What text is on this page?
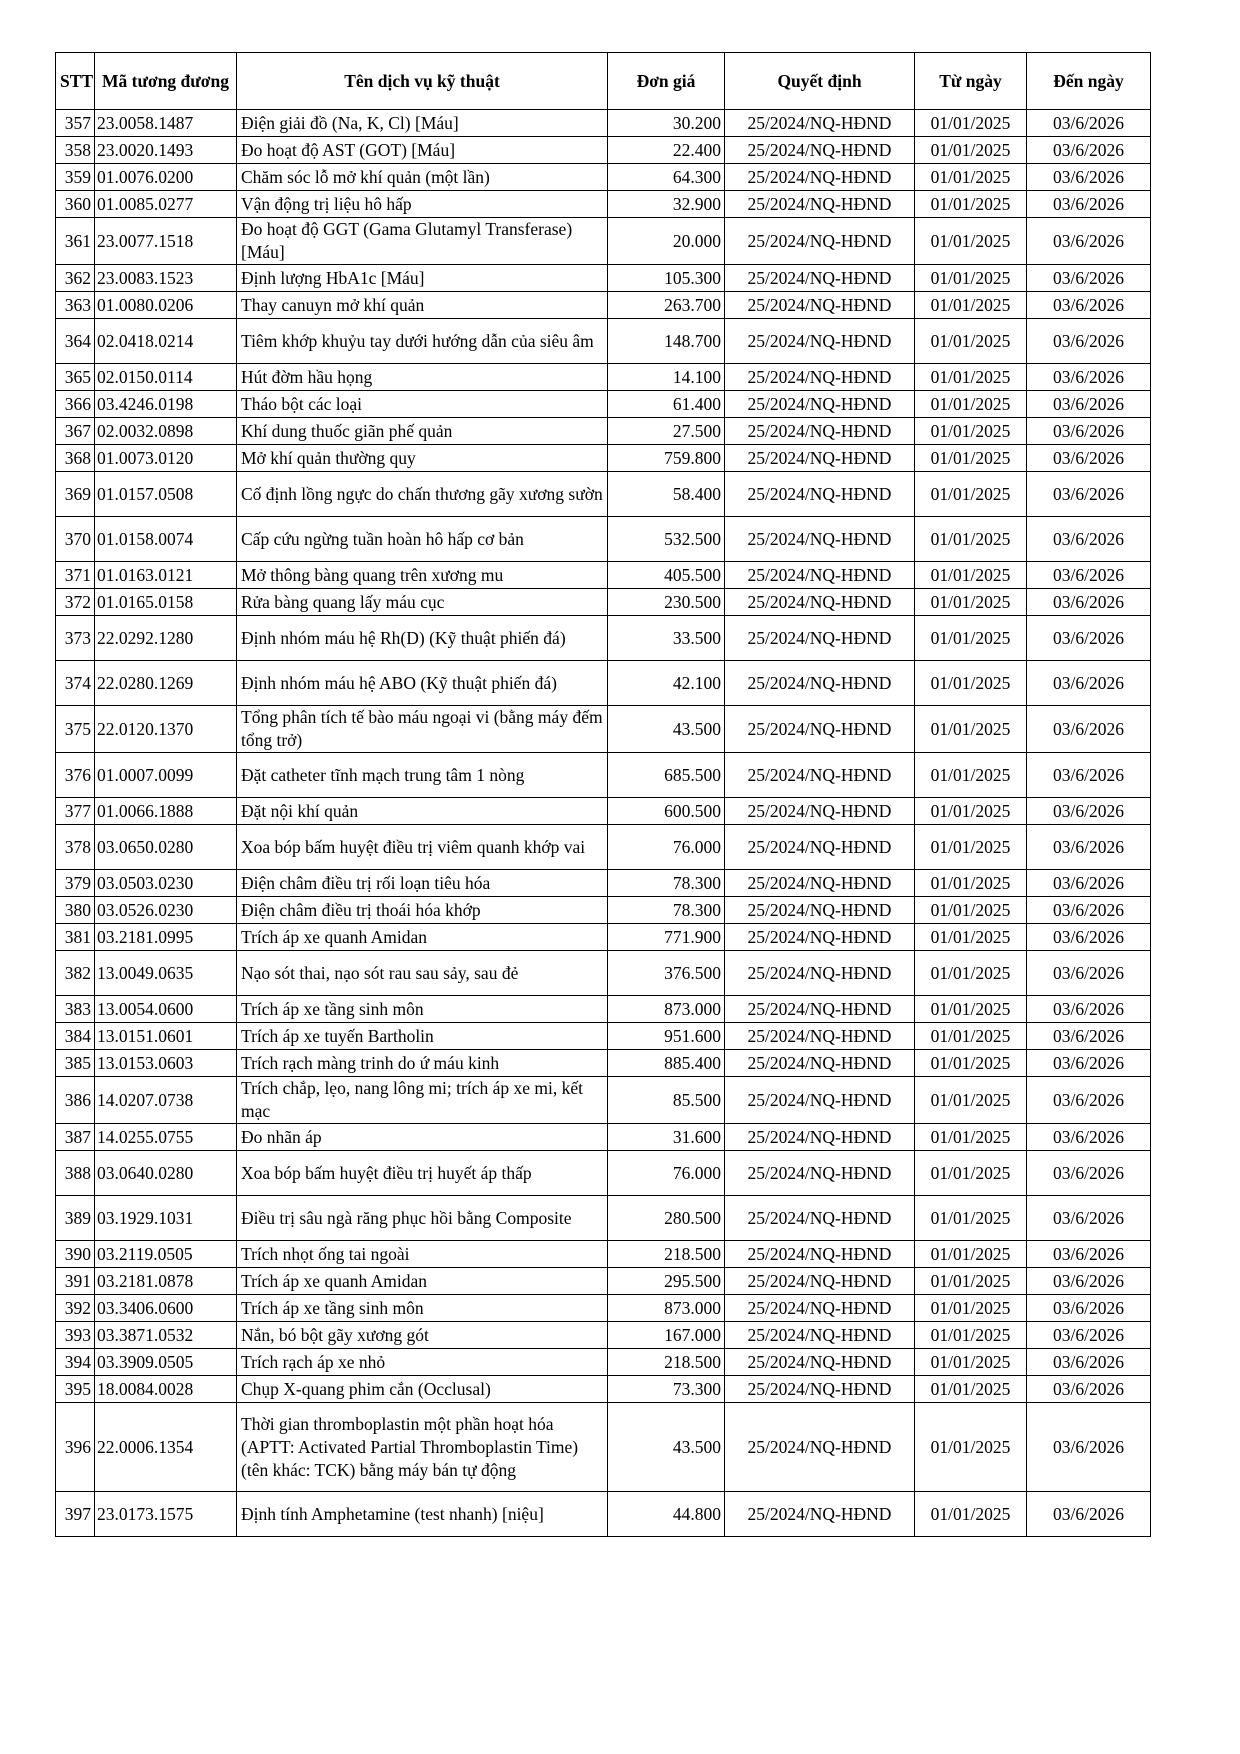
STT	Mã tương đương	Tên dịch vụ kỹ thuật	Đơn giá	Quyết định	Từ ngày	Đến ngày
357	23.0058.1487	Điện giải đồ (Na, K, Cl) [Máu]	30.200	25/2024/NQ-HĐND	01/01/2025	03/6/2026
358	23.0020.1493	Đo hoạt độ AST (GOT) [Máu]	22.400	25/2024/NQ-HĐND	01/01/2025	03/6/2026
359	01.0076.0200	Chăm sóc lỗ mở khí quản (một lần)	64.300	25/2024/NQ-HĐND	01/01/2025	03/6/2026
360	01.0085.0277	Vận động trị liệu hô hấp	32.900	25/2024/NQ-HĐND	01/01/2025	03/6/2026
361	23.0077.1518	Đo hoạt độ GGT (Gama Glutamyl Transferase) [Máu]	20.000	25/2024/NQ-HĐND	01/01/2025	03/6/2026
362	23.0083.1523	Định lượng HbA1c [Máu]	105.300	25/2024/NQ-HĐND	01/01/2025	03/6/2026
363	01.0080.0206	Thay canuyn mở khí quản	263.700	25/2024/NQ-HĐND	01/01/2025	03/6/2026
364	02.0418.0214	Tiêm khớp khuỷu tay dưới hướng dẫn của siêu âm	148.700	25/2024/NQ-HĐND	01/01/2025	03/6/2026
365	02.0150.0114	Hút đờm hầu họng	14.100	25/2024/NQ-HĐND	01/01/2025	03/6/2026
366	03.4246.0198	Tháo bột các loại	61.400	25/2024/NQ-HĐND	01/01/2025	03/6/2026
367	02.0032.0898	Khí dung thuốc giãn phế quản	27.500	25/2024/NQ-HĐND	01/01/2025	03/6/2026
368	01.0073.0120	Mở khí quản thường quy	759.800	25/2024/NQ-HĐND	01/01/2025	03/6/2026
369	01.0157.0508	Cố định lồng ngực do chấn thương gãy xương sườn	58.400	25/2024/NQ-HĐND	01/01/2025	03/6/2026
370	01.0158.0074	Cấp cứu ngừng tuần hoàn hô hấp cơ bản	532.500	25/2024/NQ-HĐND	01/01/2025	03/6/2026
371	01.0163.0121	Mở thông bàng quang trên xương mu	405.500	25/2024/NQ-HĐND	01/01/2025	03/6/2026
372	01.0165.0158	Rửa bàng quang lấy máu cục	230.500	25/2024/NQ-HĐND	01/01/2025	03/6/2026
373	22.0292.1280	Định nhóm máu hệ Rh(D) (Kỹ thuật phiến đá)	33.500	25/2024/NQ-HĐND	01/01/2025	03/6/2026
374	22.0280.1269	Định nhóm máu hệ ABO (Kỹ thuật phiến đá)	42.100	25/2024/NQ-HĐND	01/01/2025	03/6/2026
375	22.0120.1370	Tổng phân tích tế bào máu ngoại vi (bằng máy đếm tổng trở)	43.500	25/2024/NQ-HĐND	01/01/2025	03/6/2026
376	01.0007.0099	Đặt catheter tĩnh mạch trung tâm 1 nòng	685.500	25/2024/NQ-HĐND	01/01/2025	03/6/2026
377	01.0066.1888	Đặt nội khí quản	600.500	25/2024/NQ-HĐND	01/01/2025	03/6/2026
378	03.0650.0280	Xoa bóp bấm huyệt điều trị viêm quanh khớp vai	76.000	25/2024/NQ-HĐND	01/01/2025	03/6/2026
379	03.0503.0230	Điện châm điều trị rối loạn tiêu hóa	78.300	25/2024/NQ-HĐND	01/01/2025	03/6/2026
380	03.0526.0230	Điện châm điều trị thoái hóa khớp	78.300	25/2024/NQ-HĐND	01/01/2025	03/6/2026
381	03.2181.0995	Trích áp xe quanh Amidan	771.900	25/2024/NQ-HĐND	01/01/2025	03/6/2026
382	13.0049.0635	Nạo sót thai, nạo sót rau sau sảy, sau đẻ	376.500	25/2024/NQ-HĐND	01/01/2025	03/6/2026
383	13.0054.0600	Trích áp xe tầng sinh môn	873.000	25/2024/NQ-HĐND	01/01/2025	03/6/2026
384	13.0151.0601	Trích áp xe tuyến Bartholin	951.600	25/2024/NQ-HĐND	01/01/2025	03/6/2026
385	13.0153.0603	Trích rạch màng trinh do ứ máu kinh	885.400	25/2024/NQ-HĐND	01/01/2025	03/6/2026
386	14.0207.0738	Trích chắp, lẹo, nang lông mi; trích áp xe mi, kết mạc	85.500	25/2024/NQ-HĐND	01/01/2025	03/6/2026
387	14.0255.0755	Đo nhãn áp	31.600	25/2024/NQ-HĐND	01/01/2025	03/6/2026
388	03.0640.0280	Xoa bóp bấm huyệt điều trị huyết áp thấp	76.000	25/2024/NQ-HĐND	01/01/2025	03/6/2026
389	03.1929.1031	Điều trị sâu ngà răng phục hồi bằng Composite	280.500	25/2024/NQ-HĐND	01/01/2025	03/6/2026
390	03.2119.0505	Trích nhọt ống tai ngoài	218.500	25/2024/NQ-HĐND	01/01/2025	03/6/2026
391	03.2181.0878	Trích áp xe quanh Amidan	295.500	25/2024/NQ-HĐND	01/01/2025	03/6/2026
392	03.3406.0600	Trích áp xe tầng sinh môn	873.000	25/2024/NQ-HĐND	01/01/2025	03/6/2026
393	03.3871.0532	Nắn, bó bột gãy xương gót	167.000	25/2024/NQ-HĐND	01/01/2025	03/6/2026
394	03.3909.0505	Trích rạch áp xe nhỏ	218.500	25/2024/NQ-HĐND	01/01/2025	03/6/2026
395	18.0084.0028	Chụp X-quang phim cắn (Occlusal)	73.300	25/2024/NQ-HĐND	01/01/2025	03/6/2026
396	22.0006.1354	Thời gian thromboplastin một phần hoạt hóa (APTT: Activated Partial Thromboplastin Time) (tên khác: TCK) bằng máy bán tự động	43.500	25/2024/NQ-HĐND	01/01/2025	03/6/2026
397	23.0173.1575	Định tính Amphetamine (test nhanh) [niệu]	44.800	25/2024/NQ-HĐND	01/01/2025	03/6/2026
